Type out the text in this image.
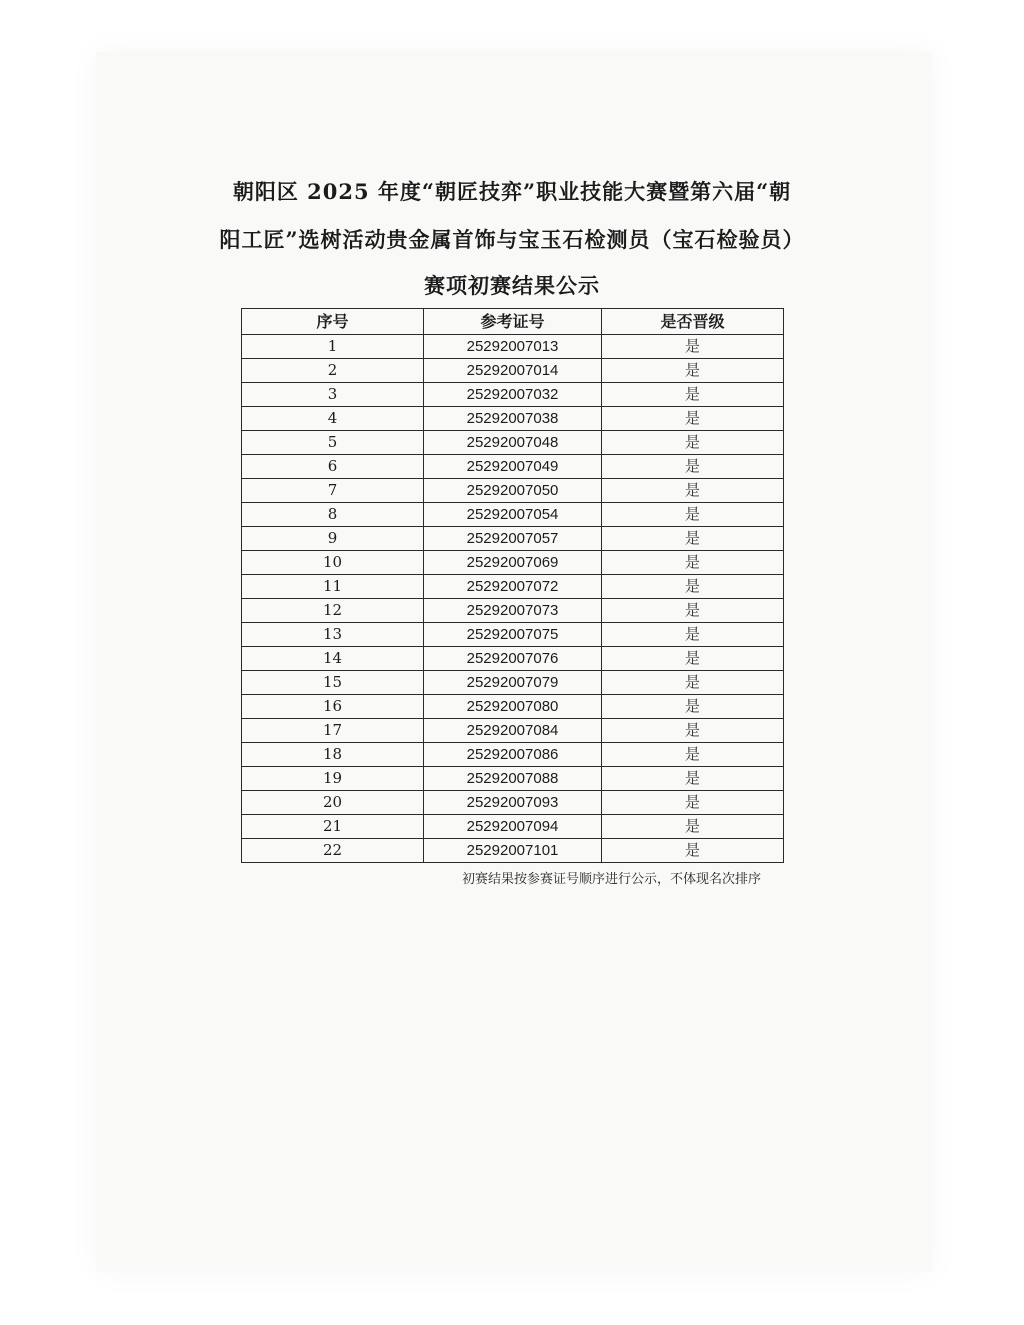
朝阳区 2025 年度“朝匠技弈”职业技能大赛暨第六届“朝
阳工匠”选树活动贵金属首饰与宝玉石检测员（宝石检验员）
赛项初赛结果公示
序号	参考证号	是否晋级
1	25292007013	是
2	25292007014	是
3	25292007032	是
4	25292007038	是
5	25292007048	是
6	25292007049	是
7	25292007050	是
8	25292007054	是
9	25292007057	是
10	25292007069	是
11	25292007072	是
12	25292007073	是
13	25292007075	是
14	25292007076	是
15	25292007079	是
16	25292007080	是
17	25292007084	是
18	25292007086	是
19	25292007088	是
20	25292007093	是
21	25292007094	是
22	25292007101	是
初赛结果按参赛证号顺序进行公示，不体现名次排序
